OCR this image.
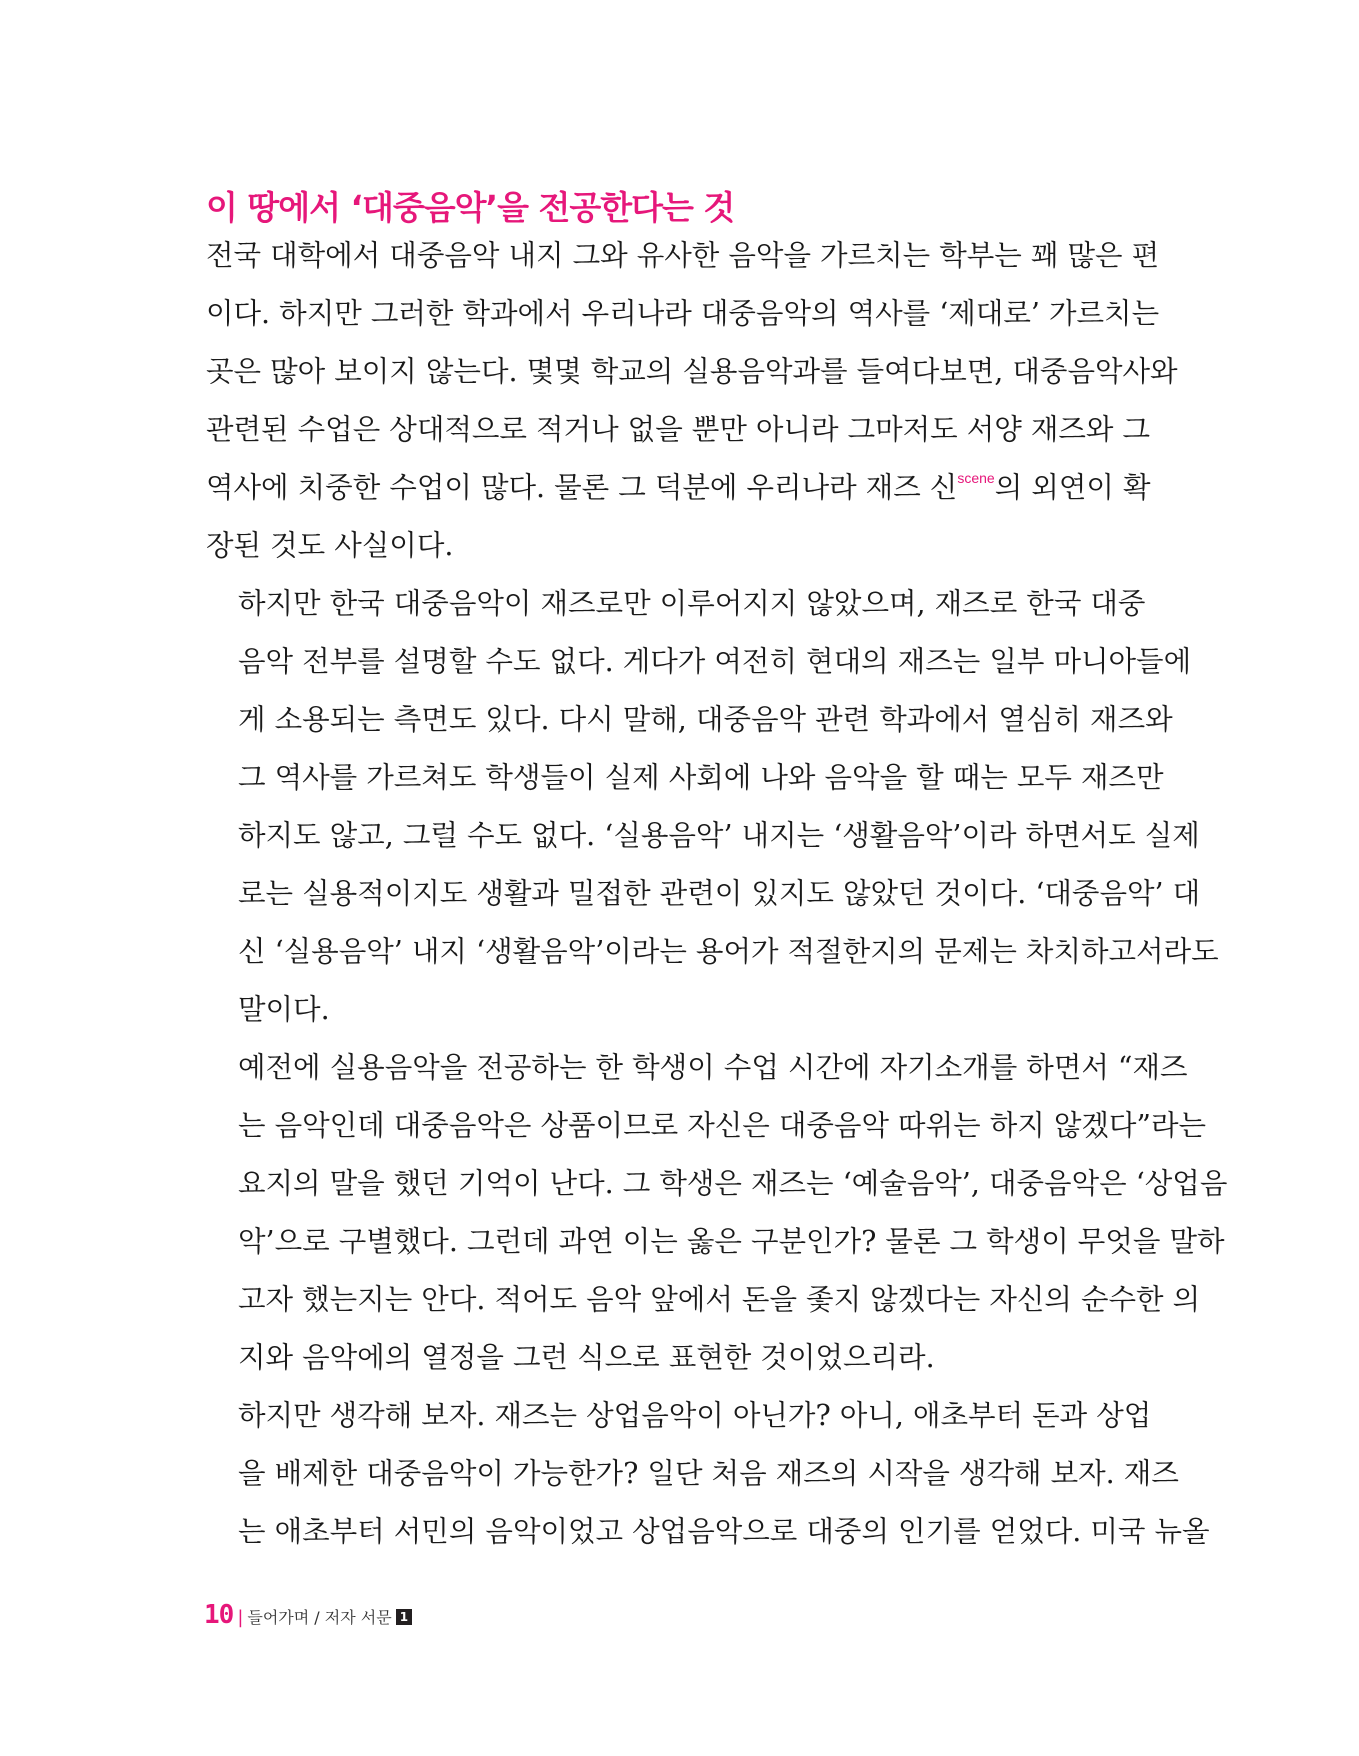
이 땅에서 ‘대중음악’을 전공한다는 것

전국 대학에서 대중음악 내지 그와 유사한 음악을 가르치는 학부는 꽤 많은 편
이다. 하지만 그러한 학과에서 우리나라 대중음악의 역사를 ‘제대로’ 가르치는
곳은 많아 보이지 않는다. 몇몇 학교의 실용음악과를 들여다보면, 대중음악사와
관련된 수업은 상대적으로 적거나 없을 뿐만 아니라 그마저도 서양 재즈와 그
역사에 치중한 수업이 많다. 물론 그 덕분에 우리나라 재즈 신$^{scene}$의 외연이 확
장된 것도 사실이다.

하지만 한국 대중음악이 재즈로만 이루어지지 않았으며, 재즈로 한국 대중
음악 전부를 설명할 수도 없다. 게다가 여전히 현대의 재즈는 일부 마니아들에
게 소용되는 측면도 있다. 다시 말해, 대중음악 관련 학과에서 열심히 재즈와
그 역사를 가르쳐도 학생들이 실제 사회에 나와 음악을 할 때는 모두 재즈만
하지도 않고, 그럴 수도 없다. ‘실용음악’ 내지는 ‘생활음악’이라 하면서도 실제
로는 실용적이지도 생활과 밀접한 관련이 있지도 않았던 것이다. ‘대중음악’ 대
신 ‘실용음악’ 내지 ‘생활음악’이라는 용어가 적절한지의 문제는 차치하고서라도
말이다.

예전에 실용음악을 전공하는 한 학생이 수업 시간에 자기소개를 하면서 “재즈
는 음악인데 대중음악은 상품이므로 자신은 대중음악 따위는 하지 않겠다”라는
요지의 말을 했던 기억이 난다. 그 학생은 재즈는 ‘예술음악’, 대중음악은 ‘상업음
악’으로 구별했다. 그런데 과연 이는 옳은 구분인가? 물론 그 학생이 무엇을 말하
고자 했는지는 안다. 적어도 음악 앞에서 돈을 좇지 않겠다는 자신의 순수한 의
지와 음악에의 열정을 그런 식으로 표현한 것이었으리라.

하지만 생각해 보자. 재즈는 상업음악이 아닌가? 아니, 애초부터 돈과 상업
을 배제한 대중음악이 가능한가? 일단 처음 재즈의 시작을 생각해 보자. 재즈
는 애초부터 서민의 음악이었고 상업음악으로 대중의 인기를 얻었다. 미국 뉴올

10 | 들어가며 / 저자 서문 1
